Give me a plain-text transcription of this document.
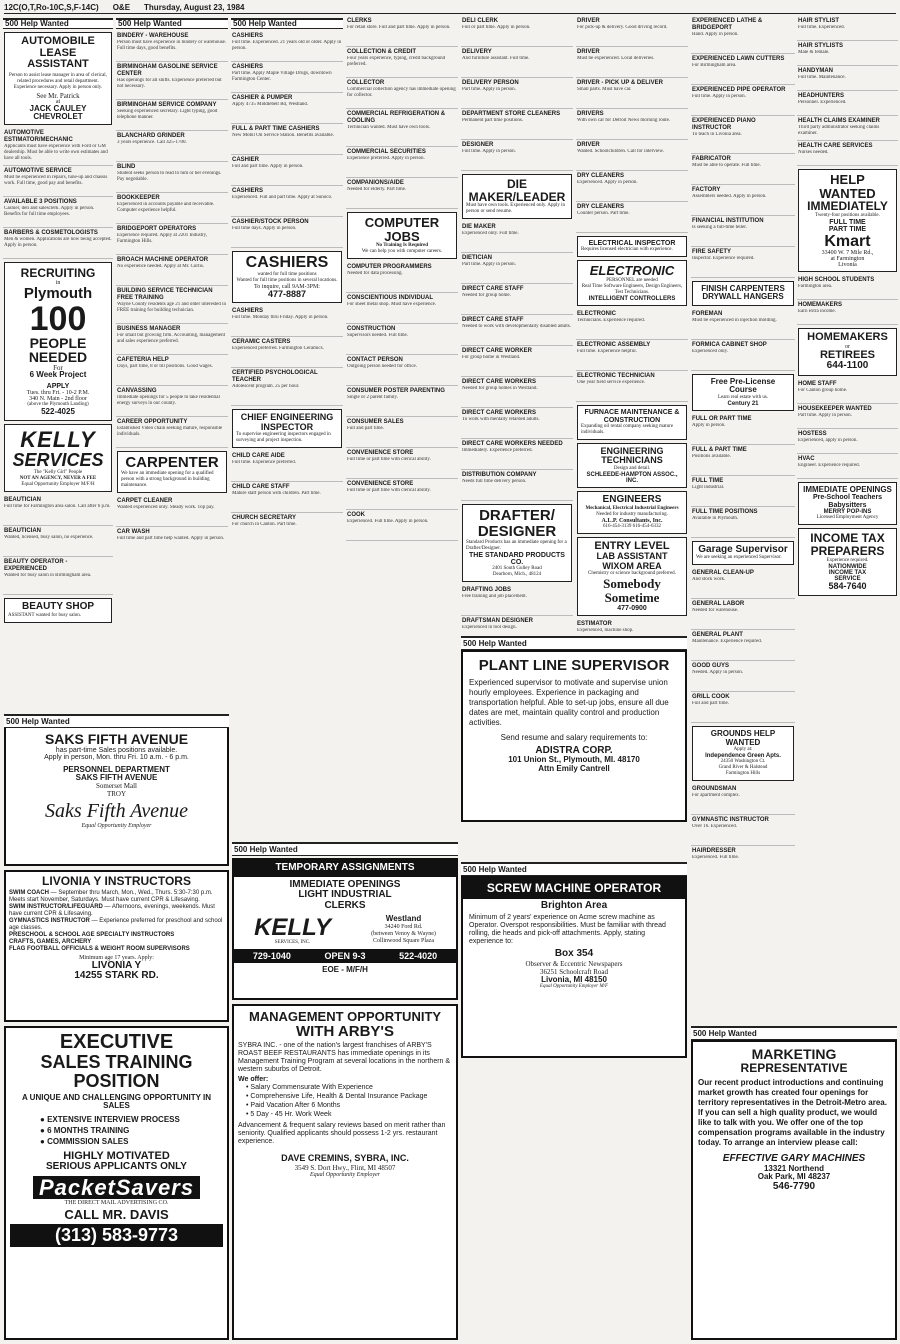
12C(O,T,Ro-10C,S,F-14C) O&E Thursday, August 23, 1984
500 Help Wanted
AUTOMOBILE LEASE ASSISTANT
Person to assist lease manager in area of clerical, related procedures and retail department. Experience necessary. Apply in person only.
See Mr. Patrick
at
JACK CAULEY CHEVROLET
AUTOMOTIVE ESTIMATOR/MECHANIC
Applicants must have experience with Ford or GM dealership. Must be able to write own estimates and have all tools.
AUTOMOTIVE SERVICE
Must be experienced in repairs, tune-up and chassis work. Full time, good pay and benefits.
AVAILABLE 3 POSITIONS
Cashier, deli and salesclerk. Apply in person. Benefits for full time employees.
BARBERS & COSMETOLOGISTS
Men & women. Applications are now being accepted. Apply in person.
RECRUITING
in
Plymouth
100
PEOPLE
NEEDED
For
6 Week Project
APPLY
Tues. thru Fri. - 10-2 P.M.
340 N. Main - 2nd floor
(above the Plymouth Landing)
522-4025
KELLY
SERVICES
The "Kelly Girl" People
NOT AN AGENCY, NEVER A FEE
Equal Opportunity Employer M/F/H
BEAUTICIAN
Full time for Farmington area salon. Call after 6 p.m.
BEAUTICIAN
Wanted, licensed, busy salon, no experience.
BEAUTY OPERATOR - EXPERIENCED
Wanted for busy salon in Birmingham area.
BEAUTY SHOP
ASSISTANT wanted for busy salon.
500 Help Wanted
BINDERY - WAREHOUSE
Person must have experience in bindery or warehouse. Full time days, good benefits.
BIRMINGHAM GASOLINE SERVICE CENTER
Has openings for all shifts. Experience preferred but not necessary.
BIRMINGHAM SERVICE COMPANY
Seeking experienced secretary. Light typing, good telephone manner.
BLANCHARD GRINDER
3 years experience. Call 425-1700.
BLIND
Student seeks person to read to him or her evenings. Pay negotiable.
BOOKKEEPER
Experienced in accounts payable and receivable. Computer experience helpful.
BRIDGEPORT OPERATORS
Experience required. Apply at 2201 Industry, Farmington Hills.
BROACH MACHINE OPERATOR
No experience needed. Apply at Mr. Curtis.
BUILDING SERVICE TECHNICIAN FREE TRAINING
Wayne County residents age 21 and older interested in FREE training for building technician.
BUSINESS MANAGER
For small but growing firm. Accounting, management and sales experience preferred.
CAFETERIA HELP
Days, part time, 8 or till positions. Good wages.
CANVASSING
Immediate openings for 5 people to take residential energy surveys in our county.
CAREER OPPORTUNITY
Established Video chain seeking mature, responsible individuals.
CARPENTER
We have an immediate opening for a qualified person with a strong background in building maintenance.
CARPET CLEANER
Wanted experienced only. Steady work. Top pay.
CAR WASH
Full time and part time help wanted. Apply in person.
500 Help Wanted
CASHIERS
Full time. Experienced. 21 years old or older. Apply in person.
CASHIERS
Part time. Apply Maple Village Drugs, downtown Farmington Center.
CASHIER & PUMPER
Apply 4735 Middlebelt Rd, Westland.
FULL & PART TIME CASHIERS
New Mobil Oil Service Station. Benefits available.
CASHIER
Full and part time. Apply in person.
CASHIERS
Experienced. Full and part time. Apply at Sunoco.
CASHIER/STOCK PERSON
Full time days. Apply in person.
CASHIERS
wanted for full time positions
Wanted for full time positions in several locations.
To inquire, call 9AM-3PM:
477-8887
CASHIERS
Full time. Monday thru Friday. Apply in person.
CERAMIC CASTERS
Experienced preferred. Farmington Ceramics.
CERTIFIED PSYCHOLOGICAL TEACHER
Adolescent program. 25 per hour.
CHIEF ENGINEERING INSPECTOR
To supervise engineering inspectors engaged in surveying and project inspection.
CHILD CARE AIDE
Full time. Experience preferred.
CHILD CARE STAFF
Mature staff person with children. Part time.
CHURCH SECRETARY
For church in Canton. Part time.
CLERKS
For retail store. Full and part time. Apply in person.
COLLECTION & CREDIT
Four years experience, typing, credit background preferred.
COLLECTOR
Commercial collection agency has immediate opening for collector.
COMMERCIAL REFRIGERATION & COOLING
Technician wanted. Must have own tools.
COMMERCIAL SECURITIES
Experience preferred. Apply in person.
COMPANIONS/AIDE
Needed for elderly. Part time.
COMPUTER JOBS
No Training Is Required
We can help you with computer careers.
COMPUTER PROGRAMMERS
Needed for data processing.
CONSCIENTIOUS INDIVIDUAL
For sheet metal shop. Must have experience.
CONSTRUCTION
Supervisors needed. Full time.
CONTACT PERSON
Outgoing person needed for office.
CONSUMER POSTER PARENTING
Single or 2 parent family.
CONSUMER SALES
Full and part time.
CONVENIENCE STORE
Full time or part time with clerical ability.
CONVENIENCE STORE
Full time or part time with clerical ability.
COOK
Experienced. Full time. Apply in person.
DELI CLERK
Full or part time. Apply in person.
DELIVERY
And furniture assistant. Full time.
DELIVERY PERSON
Part time. Apply in person.
DEPARTMENT STORE CLEANERS
Permanent part time positions.
DESIGNER
Full time. Apply in person.
DIE MAKER/LEADER
Must have own tools. Experienced only. Apply in person or send resume.
DIE MAKER
Experienced only. Full time.
DIETICIAN
Part time. Apply in person.
DIRECT CARE STAFF
Needed for group home.
DIRECT CARE STAFF
Needed to work with developmentally disabled adults.
DIRECT CARE WORKER
For group home in Westland.
DIRECT CARE WORKERS
Needed for group homes in Westland.
DIRECT CARE WORKERS
To work with mentally retarded adults.
DIRECT CARE WORKERS NEEDED
Immediately. Experience preferred.
DISTRIBUTION COMPANY
Needs full time delivery person.
DRAFTER/
DESIGNER
Standard Products has an immediate opening for a Drafter/Designer.
THE STANDARD PRODUCTS CO.
2401 South Gulley Road
Dearborn, Mich., 48124
DRAFTING JOBS
Free training and job placement.
DRAFTSMAN DESIGNER
Experienced in tool design.
DRIVER
For pick-up & delivery. Good driving record.
DRIVER
Must be experienced. Local deliveries.
DRIVER - PICK UP & DELIVER
Small parts. Must have car.
DRIVERS
With own car for Detroit News morning route.
DRIVER
Wanted. Schoolchildren. Call for interview.
DRY CLEANERS
Experienced. Apply in person.
DRY CLEANERS
Counter person. Part time.
ELECTRICAL INSPECTOR
Requires licensed electrician with experience.
ELECTRONIC
PERSONNEL are needed
Real Time Software Engineers, Design Engineers, Test Technicians.
INTELLIGENT CONTROLLERS
ELECTRONIC
Technicians. Experience required.
ELECTRONIC ASSEMBLY
Full time. Experience helpful.
ELECTRONIC TECHNICIAN
One year field service experience.
FURNACE MAINTENANCE & CONSTRUCTION
Expanding oil rental company seeking mature individuals.
ENGINEERING TECHNICIANS
Design and detail.
SCHLEEDE-HAMPTON ASSOC., INC.
ENGINEERS
Mechanical, Electrical Industrial Engineers
Needed for industry manufacturing.
A.L.P. Consultants, Inc.
616-454-3139 616-454-6332
ENTRY LEVEL
LAB ASSISTANT
WIXOM AREA
Chemistry or science background preferred.
Somebody
Sometime
477-0900
ESTIMATOR
Experienced, machine shop.
EXPERIENCED LATHE & BRIDGEPORT
Hand. Apply in person.
EXPERIENCED LAWN CUTTERS
For Birmingham area.
EXPERIENCED PIPE OPERATOR
Full time. Apply in person.
EXPERIENCED PIANO INSTRUCTOR
To teach in Livonia area.
FABRICATOR
Must be able to operate. Full time.
FACTORY
Assemblers needed. Apply in person.
FINANCIAL INSTITUTION
Is seeking a full-time teller.
FIRE SAFETY
Inspector. Experience required.
FINISH CARPENTERS
DRYWALL HANGERS
FOREMAN
Must be experienced in injection molding.
FORMICA CABINET SHOP
Experienced only.
Free Pre-License Course
Learn real estate with us.
Century 21
FULL OR PART TIME
Apply in person.
FULL & PART TIME
Positions available.
FULL TIME
Light industrial.
FULL TIME POSITIONS
Available in Plymouth.
Garage Supervisor
We are seeking an experienced Supervisor.
GENERAL CLEAN-UP
And stock work.
GENERAL LABOR
Needed for warehouse.
GENERAL PLANT
Maintenance. Experience required.
GOOD GUYS
Needed. Apply in person.
GRILL COOK
Full and part time.
GROUNDS HELP WANTED
Apply at:
Independence Green Apts.
24350 Washington Ct.
Grand River & Halstead
Farmington Hills
GROUNDSMAN
For apartment complex.
GYMNASTIC INSTRUCTOR
Over 16. Experienced.
HAIRDRESSER
Experienced. Full time.
HAIR STYLIST
Full time. Experienced.
HAIR STYLISTS
Male & female.
HANDYMAN
Full time. Maintenance.
HEADHUNTERS
Personnel. Experienced.
HEALTH CLAIMS EXAMINER
Third party administrator seeking claims examiner.
HEALTH CARE SERVICES
Nurses needed.
HELP WANTED
IMMEDIATELY
Twenty-four positions available.
FULL TIME
PART TIME
Kmart
33400 W. 7 Mile Rd.,
at Farmington
Livonia
HIGH SCHOOL STUDENTS
Farmington area.
HOMEMAKERS
Earn extra income.
HOMEMAKERS
or
RETIREES
644-1100
HOME STAFF
For Canton group home.
HOUSEKEEPER WANTED
Part time. Apply in person.
HOSTESS
Experienced, apply in person.
HVAC
Engineer. Experience required.
IMMEDIATE OPENINGS
Pre-School Teachers
Babysitters
MERRY POP-INS
Licensed Employment Agency
INCOME TAX
PREPARERS
Experience required.
NATIONWIDE
INCOME TAX
SERVICE
584-7640
SAKS FIFTH AVENUE
has part-time Sales positions available.
Apply in person, Mon. thru Fri. 10 a.m. - 6 p.m.
PERSONNEL DEPARTMENT
SAKS FIFTH AVENUE
Somerset Mall
TROY
Saks Fifth Avenue
Equal Opportunity Employer
LIVONIA Y INSTRUCTORS
SWIM COACH — September thru March, Mon., Wed., Thurs. 5:30-7:30 p.m. Meets start November, Saturdays. Must have current CPR & Lifesaving.
SWIM INSTRUCTOR/LIFEGUARD — Afternoons, evenings, weekends. Must have current CPR & Lifesaving.
GYMNASTICS INSTRUCTOR — Experience preferred for preschool and school age classes.
PRESCHOOL & SCHOOL AGE SPECIALTY INSTRUCTORS
CRAFTS, GAMES, ARCHERY
FLAG FOOTBALL OFFICIALS & WEIGHT ROOM SUPERVISORS
Minimum age 17 years. Apply:
LIVONIA Y
14255 STARK RD.
EXECUTIVE
SALES TRAINING
POSITION
A UNIQUE AND CHALLENGING OPPORTUNITY IN SALES
● EXTENSIVE INTERVIEW PROCESS
● 6 MONTHS TRAINING
● COMMISSION SALES
HIGHLY MOTIVATED
SERIOUS APPLICANTS ONLY
PacketSavers
THE DIRECT MAIL ADVERTISING CO.
CALL MR. DAVIS
(313) 583-9773
TEMPORARY ASSIGNMENTS
IMMEDIATE OPENINGS
LIGHT INDUSTRIAL
CLERKS
KELLY
SERVICES, INC.
Westland
34240 Ford Rd.
(between Venoy & Wayne)
Collinwood Square Plaza
729-1040	OPEN 9-3	522-4020
EOE - M/F/H
MANAGEMENT OPPORTUNITY
WITH ARBY'S
SYBRA INC. - one of the nation's largest franchises of ARBY'S ROAST BEEF RESTAURANTS has immediate openings in its Management Training Program at several locations in the northern & western suburbs of Detroit.
We offer:
• Salary Commensurate With Experience
• Comprehensive Life, Health & Dental Insurance Package
• Paid Vacation After 6 Months
• 5 Day - 45 Hr. Work Week
Advancement & frequent salary reviews based on merit rather than seniority. Qualified applicants should possess 1-2 yrs. restaurant experience.
DAVE CREMINS, SYBRA, INC.
3549 S. Dort Hwy., Flint, MI 48507
Equal Opportunity Employer
PLANT LINE SUPERVISOR
Experienced supervisor to motivate and supervise union hourly employees. Experience in packaging and transportation helpful. Able to set-up jobs, ensure all due dates are met, maintain quality control and production activities.
Send resume and salary requirements to:
ADISTRA CORP.
101 Union St., Plymouth, MI. 48170
Attn Emily Cantrell
SCREW MACHINE OPERATOR
Brighton Area
Minimum of 2 years' experience on Acme screw machine as Operator. Overspot responsibilities. Must be familiar with thread rolling, die heads and pick-off attachments. Apply, stating experience to:
Box 354
Observer & Eccentric Newspapers
36251 Schoolcraft Road
Livonia, MI 48150
Equal Opportunity Employer M/F
MARKETING
REPRESENTATIVE
Our recent product introductions and continuing market growth has created four openings for territory representatives in the Detroit-Metro area. If you can sell a high quality product, we would like to talk with you. We offer one of the top compensation programs available in the industry today. To arrange an interview please call:
EFFECTIVE GARY MACHINES
13321 Northend
Oak Park, MI 48237
546-7790
500 Help Wanted
500 Help Wanted
500 Help Wanted
500 Help Wanted
500 Help Wanted
